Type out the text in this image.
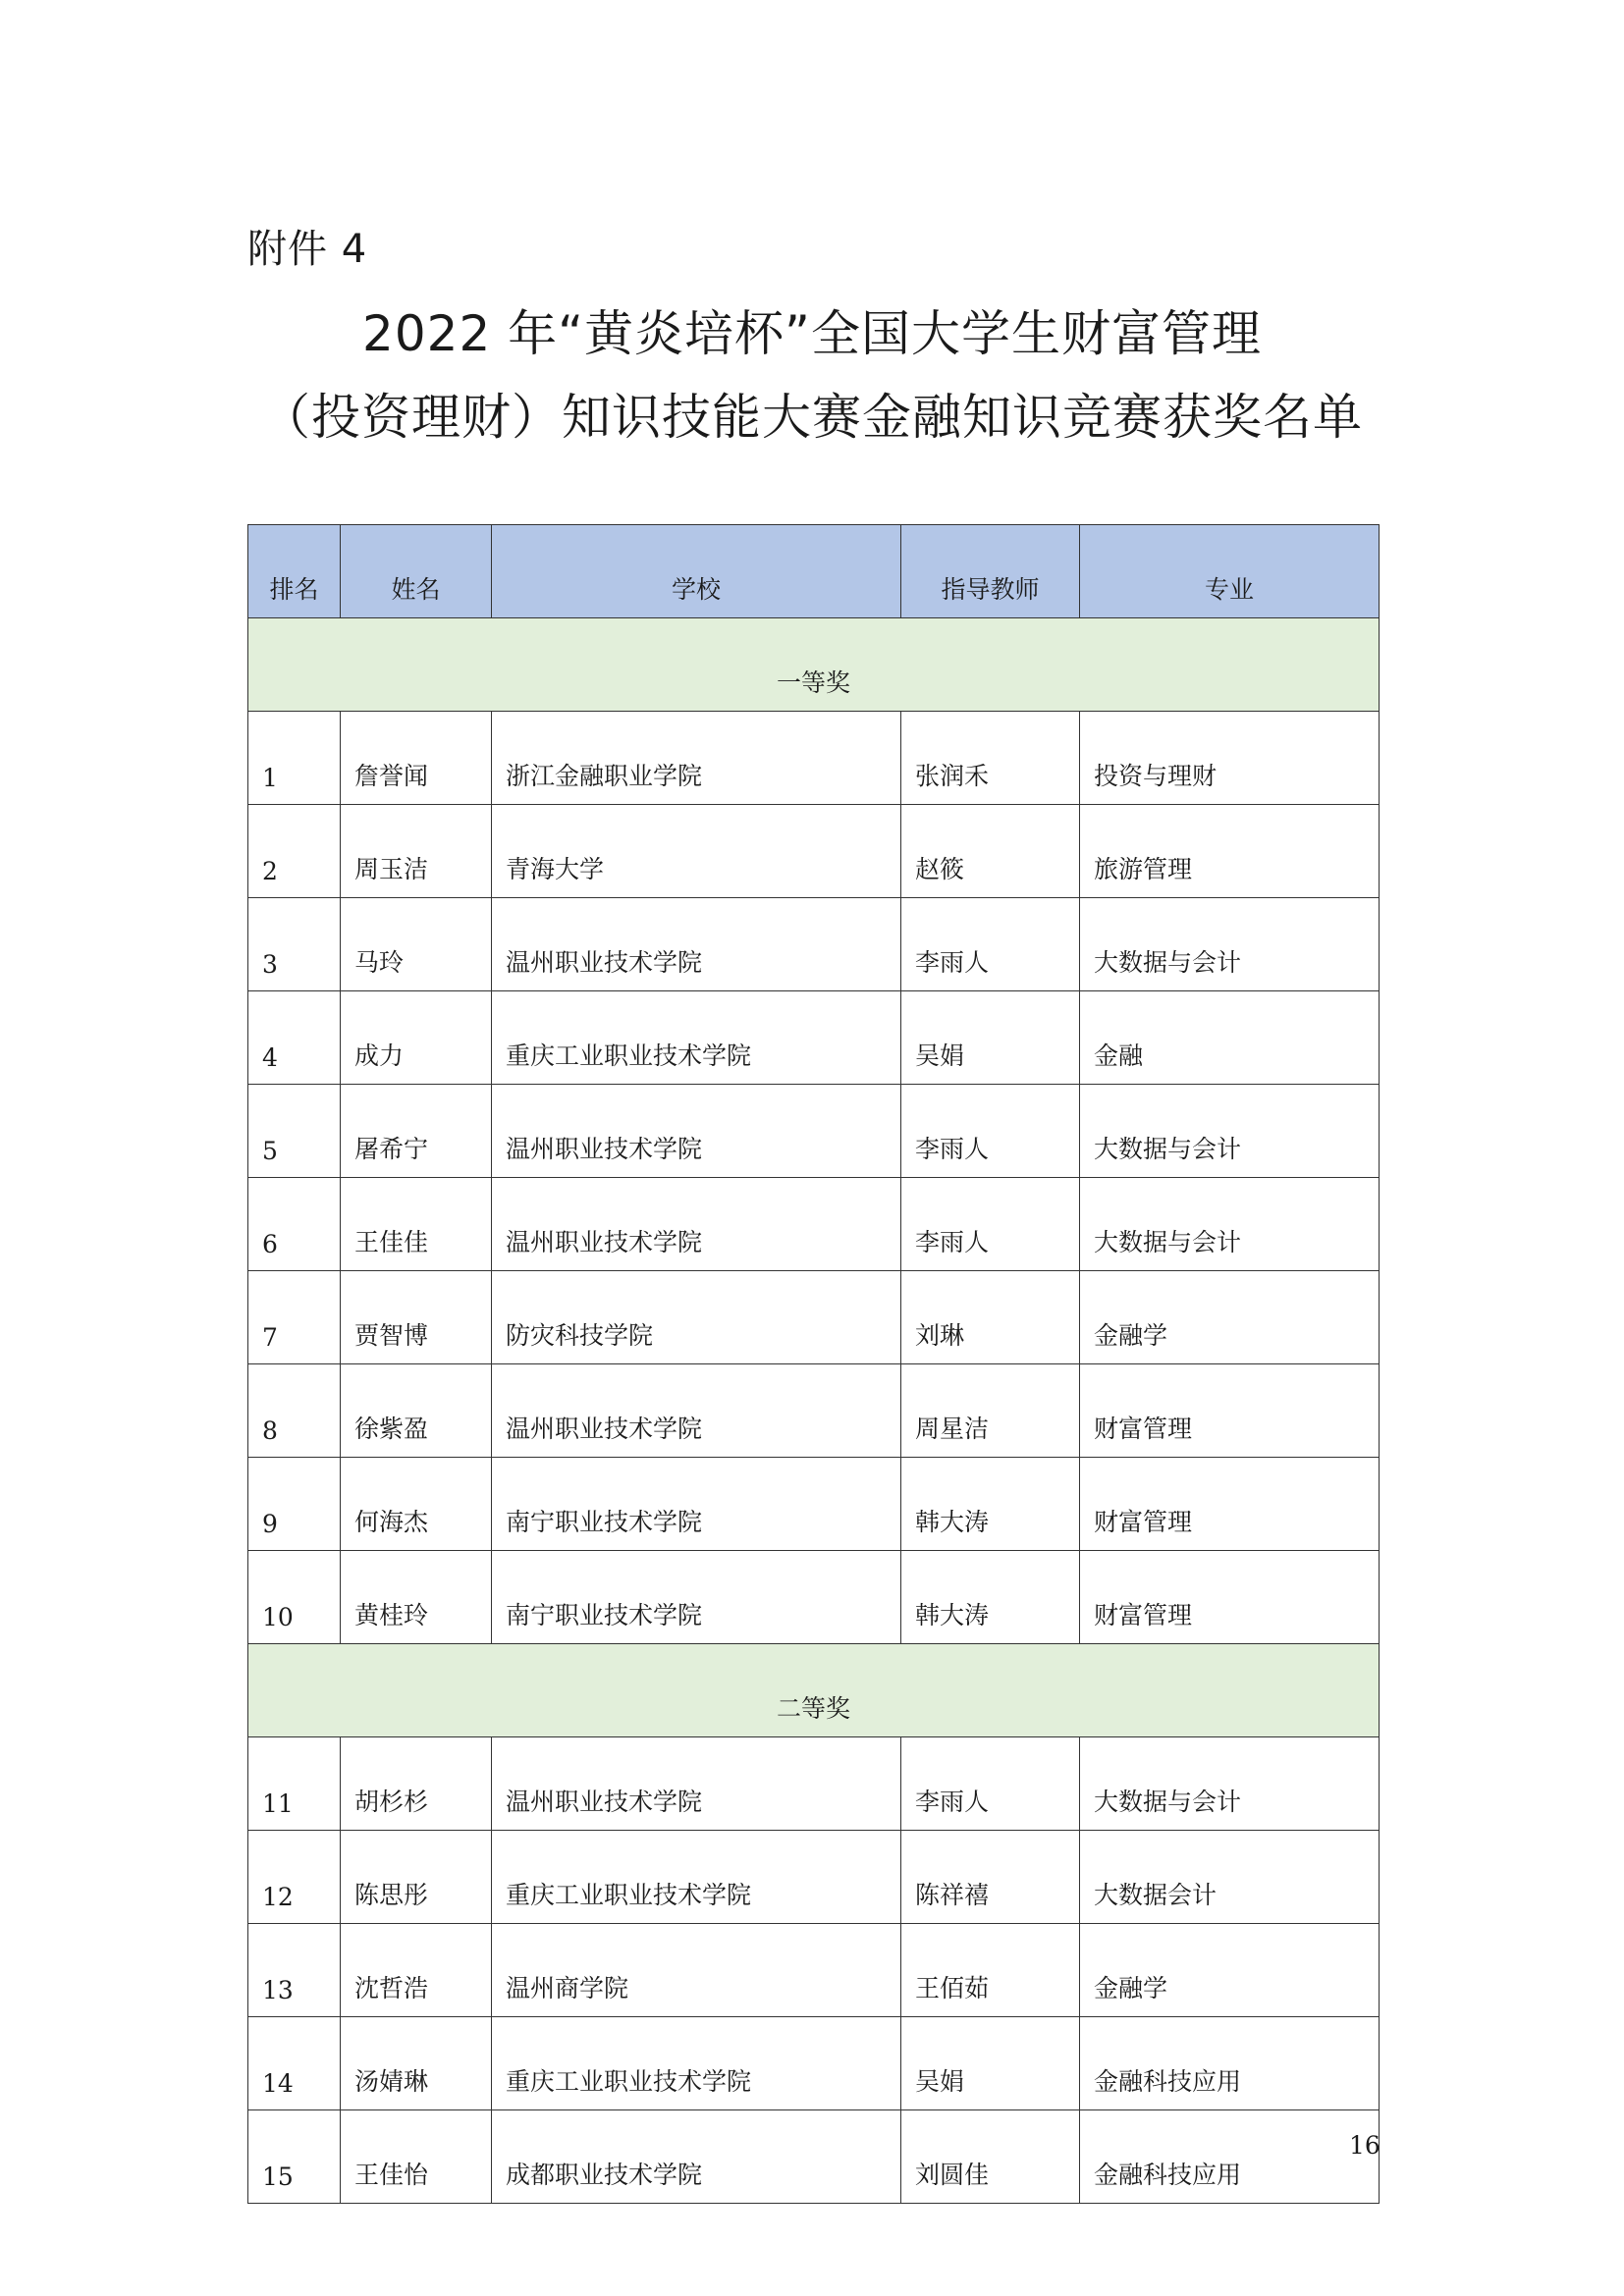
附件 4
2022 年“黄炎培杯”全国大学生财富管理
（投资理财）知识技能大赛金融知识竞赛获奖名单
排名	姓名	学校	指导教师	专业
一等奖				
1	詹誉闻	浙江金融职业学院	张润禾	投资与理财
2	周玉洁	青海大学	赵筱	旅游管理
3	马玲	温州职业技术学院	李雨人	大数据与会计
4	成力	重庆工业职业技术学院	吴娟	金融
5	屠希宁	温州职业技术学院	李雨人	大数据与会计
6	王佳佳	温州职业技术学院	李雨人	大数据与会计
7	贾智博	防灾科技学院	刘琳	金融学
8	徐紫盈	温州职业技术学院	周星洁	财富管理
9	何海杰	南宁职业技术学院	韩大涛	财富管理
10	黄桂玲	南宁职业技术学院	韩大涛	财富管理
二等奖				
11	胡杉杉	温州职业技术学院	李雨人	大数据与会计
12	陈思彤	重庆工业职业技术学院	陈祥禧	大数据会计
13	沈哲浩	温州商学院	王佰茹	金融学
14	汤婧琳	重庆工业职业技术学院	吴娟	金融科技应用
15	王佳怡	成都职业技术学院	刘圆佳	金融科技应用
16
